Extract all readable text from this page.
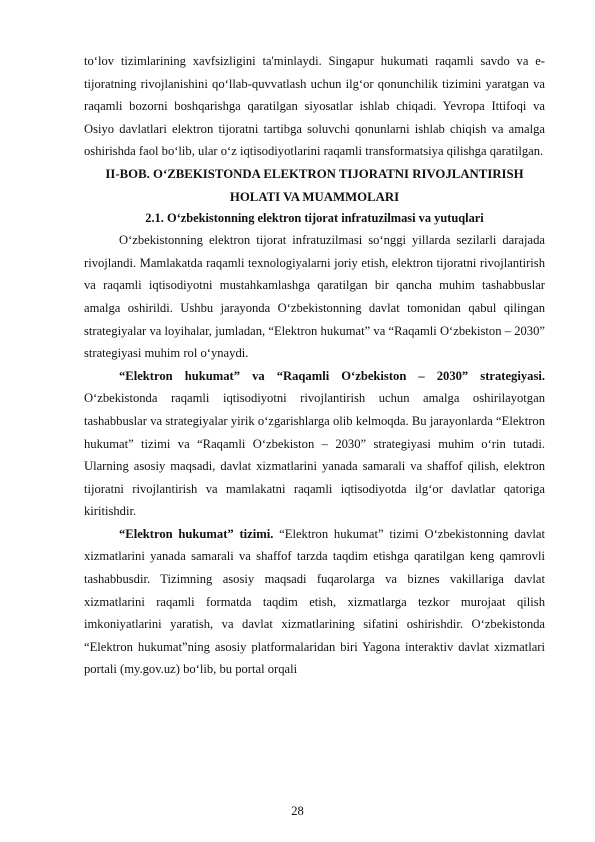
to‘lov tizimlarining xavfsizligini ta'minlaydi. Singapur hukumati raqamli savdo va e-tijoratning rivojlanishini qo‘llab-quvvatlash uchun ilg‘or qonunchilik tizimini yaratgan va raqamli bozorni boshqarishga qaratilgan siyosatlar ishlab chiqadi. Yevropa Ittifoqi va Osiyo davlatlari elektron tijoratni tartibga soluvchi qonunlarni ishlab chiqish va amalga oshirishda faol bo‘lib, ular o‘z iqtisodiyotlarini raqamli transformatsiya qilishga qaratilgan.

II-BOB. O‘ZBEKISTONDA ELEKTRON TIJORATNI RIVOJLANTIRISH HOLATI VA MUAMMOLARI

2.1. O‘zbekistonning elektron tijorat infratuzilmasi va yutuqlari

O‘zbekistonning elektron tijorat infratuzilmasi so‘nggi yillarda sezilarli darajada rivojlandi. Mamlakatda raqamli texnologiyalarni joriy etish, elektron tijoratni rivojlantirish va raqamli iqtisodiyotni mustahkamlashga qaratilgan bir qancha muhim tashabbuslar amalga oshirildi. Ushbu jarayonda O‘zbekistonning davlat tomonidan qabul qilingan strategiyalar va loyihalar, jumladan, “Elektron hukumat” va “Raqamli O‘zbekiston – 2030” strategiyasi muhim rol o‘ynaydi.

“Elektron hukumat” va “Raqamli O‘zbekiston – 2030” strategiyasi. O‘zbekistonda raqamli iqtisodiyotni rivojlantirish uchun amalga oshirilayotgan tashabbuslar va strategiyalar yirik o‘zgarishlarga olib kelmoqda. Bu jarayonlarda “Elektron hukumat” tizimi va “Raqamli O‘zbekiston – 2030” strategiyasi muhim o‘rin tutadi. Ularning asosiy maqsadi, davlat xizmatlarini yanada samarali va shaffof qilish, elektron tijoratni rivojlantirish va mamlakatni raqamli iqtisodiyotda ilg‘or davlatlar qatoriga kiritishdir.

“Elektron hukumat” tizimi. “Elektron hukumat” tizimi O‘zbekistonning davlat xizmatlarini yanada samarali va shaffof tarzda taqdim etishga qaratilgan keng qamrovli tashabbusdir. Tizimning asosiy maqsadi fuqarolarga va biznes vakillariga davlat xizmatlarini raqamli formatda taqdim etish, xizmatlarga tezkor murojaat qilish imkoniyatlarini yaratish, va davlat xizmatlarining sifatini oshirishdir. O‘zbekistonda “Elektron hukumat”ning asosiy platformalaridan biri Yagona interaktiv davlat xizmatlari portali (my.gov.uz) bo‘lib, bu portal orqali

28
